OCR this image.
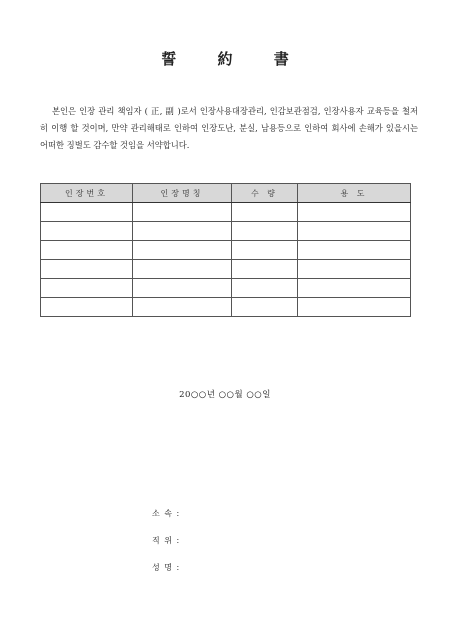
誓 約 書

본인은 인장 관리 책임자 ( 正, 副 )로서 인장사용대장관리, 인감보관점검, 인장사용자 교육등을 철저히 이행 할 것이며, 만약 관리해태로 인하여 인장도난, 분실, 남용등으로 인하여 회사에 손해가 있을시는 어떠한 징벌도 감수할 것임을 서약합니다.

인장번호	인장명칭	수 량	용 도

20○○년 ○○월 ○○일
소 속 :
직 위 :
성 명 :
